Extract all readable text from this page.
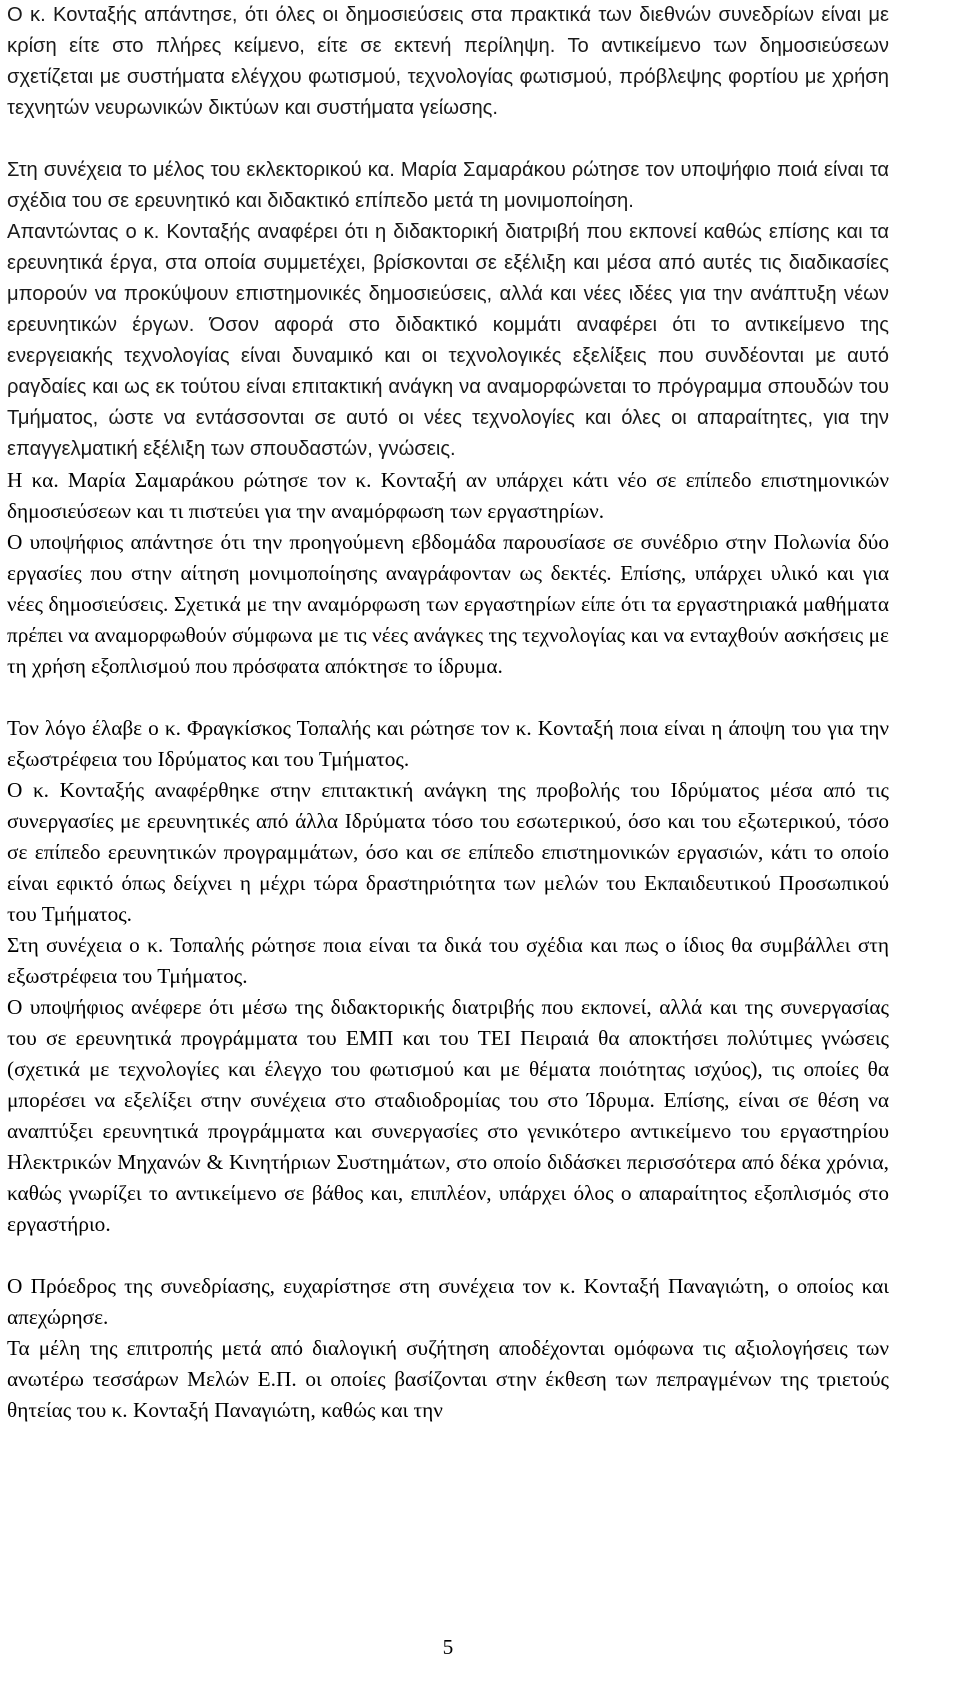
Ο κ. Κονταξής απάντησε, ότι όλες οι δημοσιεύσεις στα πρακτικά των διεθνών συνεδρίων είναι με κρίση είτε στο πλήρες κείμενο, είτε σε εκτενή περίληψη. Το αντικείμενο των δημοσιεύσεων σχετίζεται με συστήματα ελέγχου φωτισμού, τεχνολογίας φωτισμού, πρόβλεψης φορτίου με χρήση τεχνητών νευρωνικών δικτύων και συστήματα γείωσης.

Στη συνέχεια το μέλος του εκλεκτορικού κα. Μαρία Σαμαράκου ρώτησε τον υποψήφιο ποιά είναι τα σχέδια του σε ερευνητικό και διδακτικό επίπεδο μετά τη μονιμοποίηση.

Απαντώντας ο κ. Κονταξής αναφέρει ότι η διδακτορική διατριβή που εκπονεί καθώς επίσης και τα ερευνητικά έργα, στα οποία συμμετέχει, βρίσκονται σε εξέλιξη και μέσα από αυτές τις διαδικασίες μπορούν να προκύψουν επιστημονικές δημοσιεύσεις, αλλά και νέες ιδέες για την ανάπτυξη νέων ερευνητικών έργων. Όσον αφορά στο διδακτικό κομμάτι αναφέρει ότι το αντικείμενο της ενεργειακής τεχνολογίας είναι δυναμικό και οι τεχνολογικές εξελίξεις που συνδέονται με αυτό ραγδαίες και ως εκ τούτου είναι επιτακτική ανάγκη να αναμορφώνεται το πρόγραμμα σπουδών του Τμήματος, ώστε να εντάσσονται σε αυτό οι νέες τεχνολογίες και όλες οι απαραίτητες, για την επαγγελματική εξέλιξη των σπουδαστών, γνώσεις.

Η κα. Μαρία Σαμαράκου ρώτησε τον κ. Κονταξή αν υπάρχει κάτι νέο σε επίπεδο επιστημονικών δημοσιεύσεων και τι πιστεύει για την αναμόρφωση των εργαστηρίων.

Ο υποψήφιος απάντησε ότι την προηγούμενη εβδομάδα παρουσίασε σε συνέδριο στην Πολωνία δύο εργασίες που στην αίτηση μονιμοποίησης αναγράφονταν ως δεκτές. Επίσης, υπάρχει υλικό και για νέες δημοσιεύσεις. Σχετικά με την αναμόρφωση των εργαστηρίων είπε ότι τα εργαστηριακά μαθήματα πρέπει να αναμορφωθούν σύμφωνα με τις νέες ανάγκες της τεχνολογίας και να ενταχθούν ασκήσεις με τη χρήση εξοπλισμού που πρόσφατα απόκτησε το ίδρυμα.

Τον λόγο έλαβε ο κ. Φραγκίσκος Τοπαλής και ρώτησε τον κ. Κονταξή ποια είναι η άποψη του για την εξωστρέφεια του Ιδρύματος και του Τμήματος.

Ο κ. Κονταξής αναφέρθηκε στην επιτακτική ανάγκη της προβολής του Ιδρύματος μέσα από τις συνεργασίες με ερευνητικές από άλλα Ιδρύματα τόσο του εσωτερικού, όσο και του εξωτερικού, τόσο σε επίπεδο ερευνητικών προγραμμάτων, όσο και σε επίπεδο επιστημονικών εργασιών, κάτι το οποίο είναι εφικτό όπως δείχνει η μέχρι τώρα δραστηριότητα των μελών του Εκπαιδευτικού Προσωπικού του Τμήματος.

Στη συνέχεια ο κ. Τοπαλής ρώτησε ποια είναι τα δικά του σχέδια και πως ο ίδιος θα συμβάλλει στη εξωστρέφεια του Τμήματος.

Ο υποψήφιος ανέφερε ότι μέσω της διδακτορικής διατριβής που εκπονεί, αλλά και της συνεργασίας του σε ερευνητικά προγράμματα του ΕΜΠ και του ΤΕΙ Πειραιά θα αποκτήσει πολύτιμες γνώσεις (σχετικά με τεχνολογίες και έλεγχο του φωτισμού και με θέματα ποιότητας ισχύος), τις οποίες θα μπορέσει να εξελίξει στην συνέχεια στο σταδιοδρομίας του στο Ίδρυμα. Επίσης, είναι σε θέση να αναπτύξει ερευνητικά προγράμματα και συνεργασίες στο γενικότερο αντικείμενο του εργαστηρίου Ηλεκτρικών Μηχανών & Κινητήριων Συστημάτων, στο οποίο διδάσκει περισσότερα από δέκα χρόνια, καθώς γνωρίζει το αντικείμενο σε βάθος και, επιπλέον, υπάρχει όλος ο απαραίτητος εξοπλισμός στο εργαστήριο.

Ο Πρόεδρος της συνεδρίασης, ευχαρίστησε στη συνέχεια τον κ. Κονταξή Παναγιώτη, ο οποίος και απεχώρησε.

Τα μέλη της επιτροπής μετά από διαλογική συζήτηση αποδέχονται ομόφωνα τις αξιολογήσεις των ανωτέρω τεσσάρων Μελών Ε.Π. οι οποίες βασίζονται στην έκθεση των πεπραγμένων της τριετούς θητείας του κ. Κονταξή Παναγιώτη, καθώς και την

5
